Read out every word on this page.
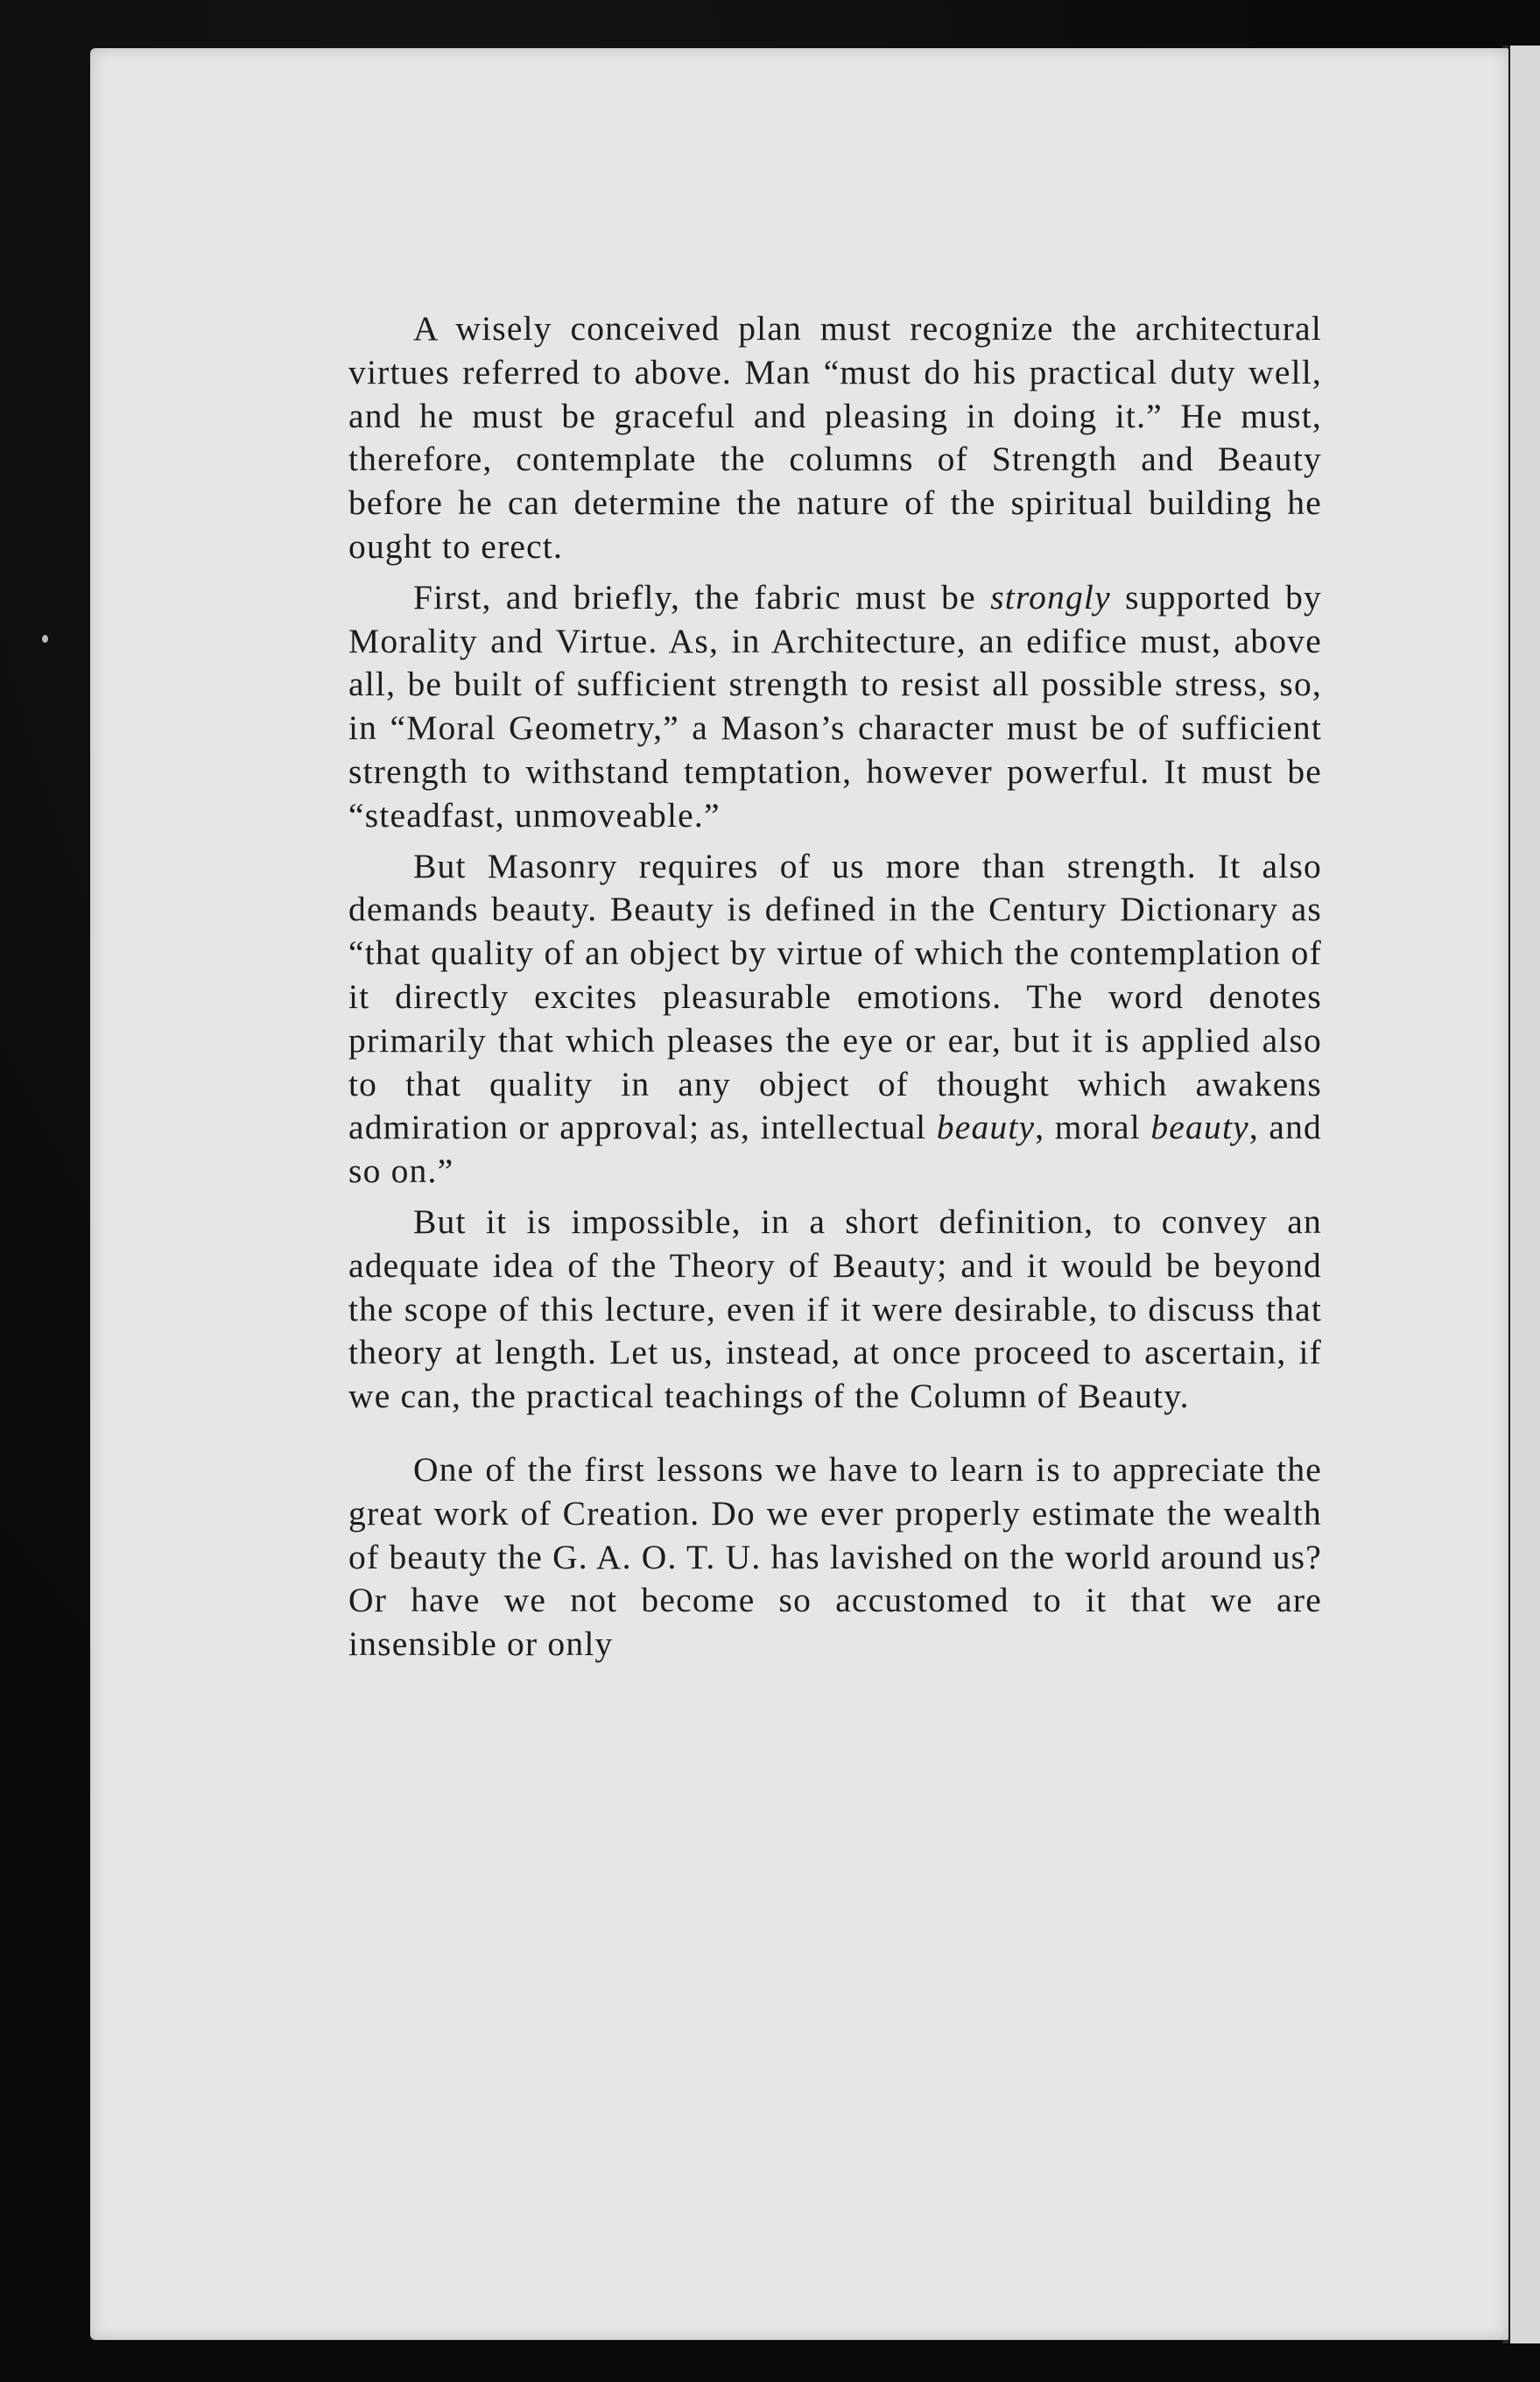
A wisely conceived plan must recognize the architectural virtues referred to above. Man “must do his practical duty well, and he must be graceful and pleasing in doing it.” He must, therefore, contemplate the columns of Strength and Beauty before he can determine the nature of the spiritual building he ought to erect.

First, and briefly, the fabric must be strongly supported by Morality and Virtue. As, in Architecture, an edifice must, above all, be built of sufficient strength to resist all possible stress, so, in “Moral Geometry,” a Mason’s character must be of sufficient strength to withstand temptation, however powerful. It must be “steadfast, unmoveable.”

But Masonry requires of us more than strength. It also demands beauty. Beauty is defined in the Century Dictionary as “that quality of an object by virtue of which the contemplation of it directly excites pleasurable emotions. The word denotes primarily that which pleases the eye or ear, but it is applied also to that quality in any object of thought which awakens admiration or approval; as, intellectual beauty, moral beauty, and so on.”

But it is impossible, in a short definition, to convey an adequate idea of the Theory of Beauty; and it would be beyond the scope of this lecture, even if it were desirable, to discuss that theory at length. Let us, instead, at once proceed to ascertain, if we can, the practical teachings of the Column of Beauty.

One of the first lessons we have to learn is to appreciate the great work of Creation. Do we ever properly estimate the wealth of beauty the G. A. O. T. U. has lavished on the world around us? Or have we not become so accustomed to it that we are insensible or only
